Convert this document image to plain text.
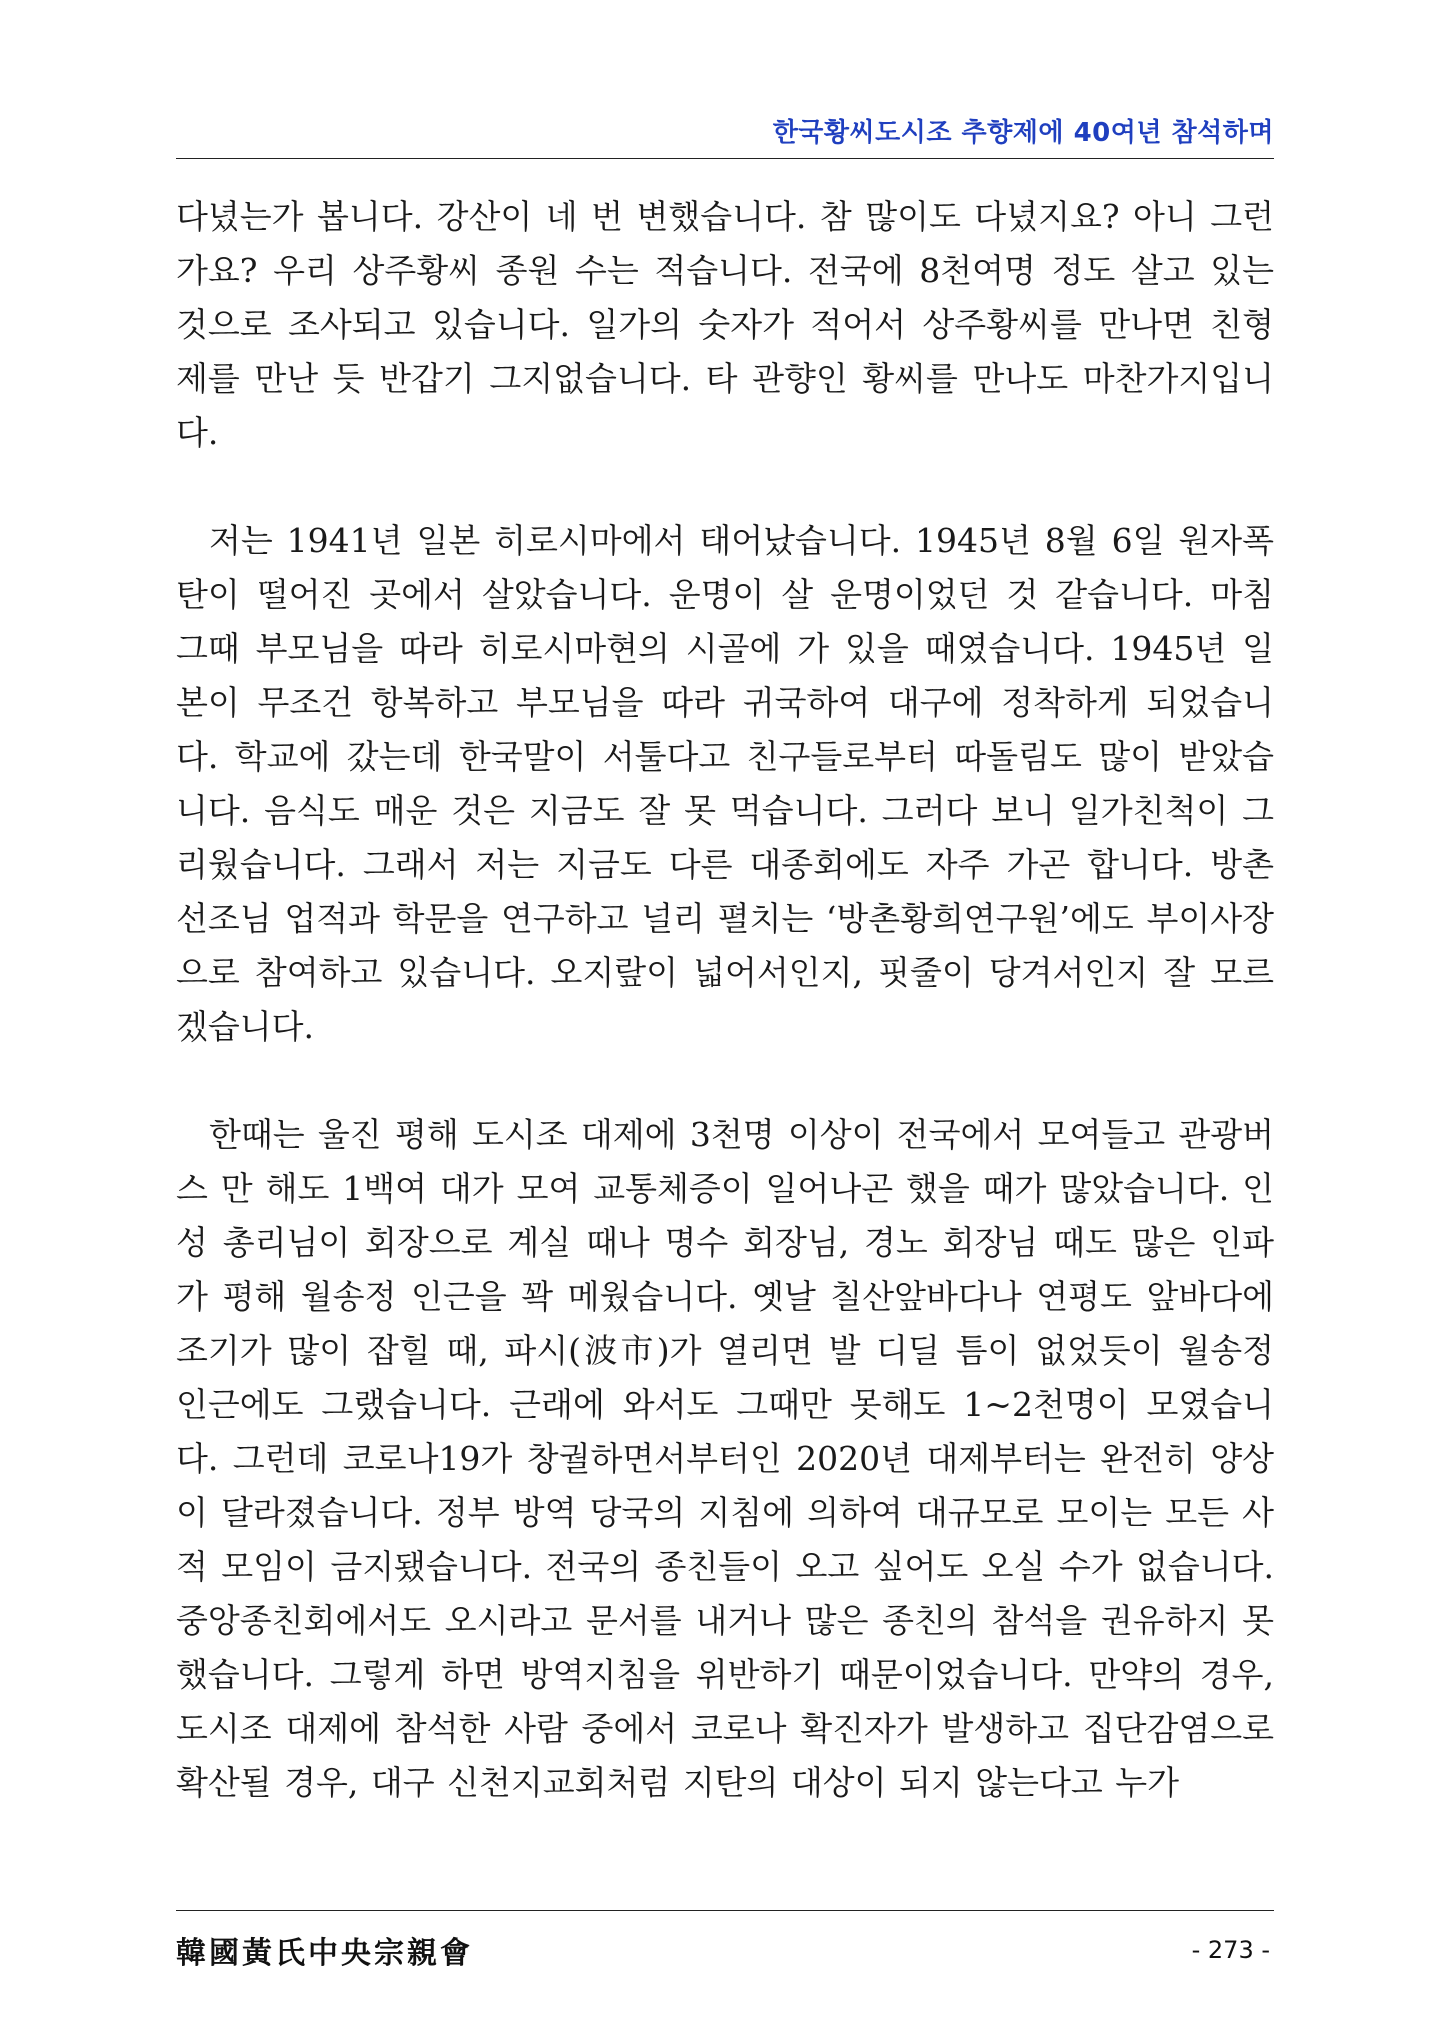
한국황씨도시조 추향제에 40여년 참석하며

다녔는가 봅니다. 강산이 네 번 변했습니다. 참 많이도 다녔지요? 아니 그런가요? 우리 상주황씨 종원 수는 적습니다. 전국에 8천여명 정도 살고 있는 것으로 조사되고 있습니다. 일가의 숫자가 적어서 상주황씨를 만나면 친형제를 만난 듯 반갑기 그지없습니다. 타 관향인 황씨를 만나도 마찬가지입니다.

저는 1941년 일본 히로시마에서 태어났습니다. 1945년 8월 6일 원자폭탄이 떨어진 곳에서 살았습니다. 운명이 살 운명이었던 것 같습니다. 마침 그때 부모님을 따라 히로시마현의 시골에 가 있을 때였습니다. 1945년 일본이 무조건 항복하고 부모님을 따라 귀국하여 대구에 정착하게 되었습니다. 학교에 갔는데 한국말이 서툴다고 친구들로부터 따돌림도 많이 받았습니다. 음식도 매운 것은 지금도 잘 못 먹습니다. 그러다 보니 일가친척이 그리웠습니다. 그래서 저는 지금도 다른 대종회에도 자주 가곤 합니다. 방촌 선조님 업적과 학문을 연구하고 널리 펼치는 ‘방촌황희연구원’에도 부이사장으로 참여하고 있습니다. 오지랖이 넓어서인지, 핏줄이 당겨서인지 잘 모르겠습니다.

한때는 울진 평해 도시조 대제에 3천명 이상이 전국에서 모여들고 관광버스 만 해도 1백여 대가 모여 교통체증이 일어나곤 했을 때가 많았습니다. 인성 총리님이 회장으로 계실 때나 명수 회장님, 경노 회장님 때도 많은 인파가 평해 월송정 인근을 꽉 메웠습니다. 옛날 칠산앞바다나 연평도 앞바다에 조기가 많이 잡힐 때, 파시(波市)가 열리면 발 디딜 틈이 없었듯이 월송정 인근에도 그랬습니다. 근래에 와서도 그때만 못해도 1~2천명이 모였습니다. 그런데 코로나19가 창궐하면서부터인 2020년 대제부터는 완전히 양상이 달라졌습니다. 정부 방역 당국의 지침에 의하여 대규모로 모이는 모든 사적 모임이 금지됐습니다. 전국의 종친들이 오고 싶어도 오실 수가 없습니다. 중앙종친회에서도 오시라고 문서를 내거나 많은 종친의 참석을 권유하지 못했습니다. 그렇게 하면 방역지침을 위반하기 때문이었습니다. 만약의 경우, 도시조 대제에 참석한 사람 중에서 코로나 확진자가 발생하고 집단감염으로 확산될 경우, 대구 신천지교회처럼 지탄의 대상이 되지 않는다고 누가

韓國黃氏中央宗親會	- 273 -
